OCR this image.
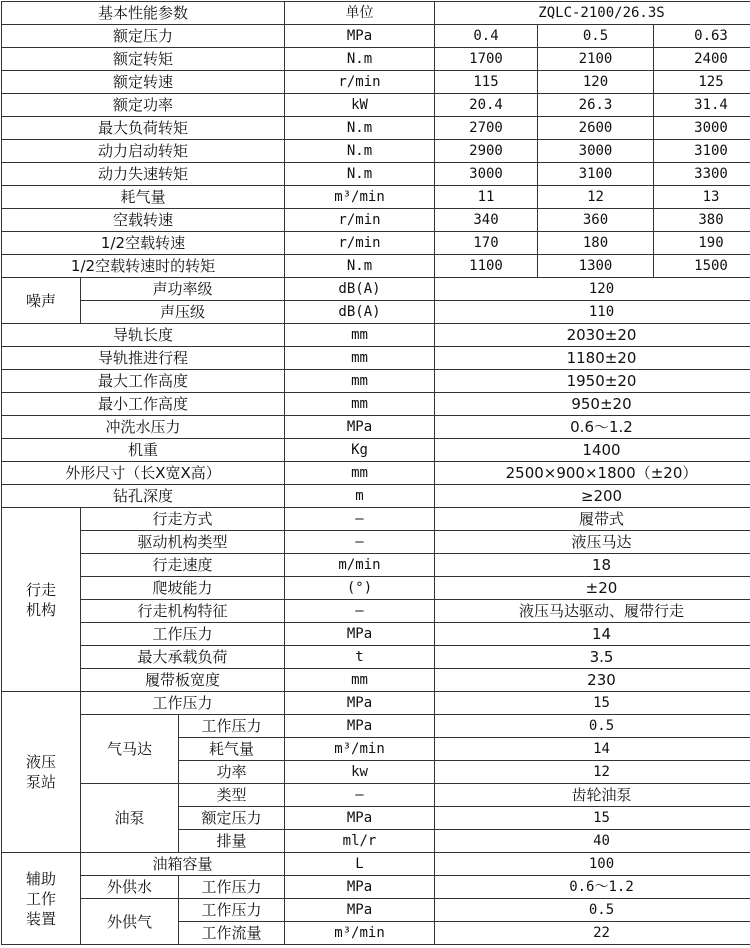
基本性能参数			单位	ZQLC-2100/26.3S		
额定压力			MPa	0.4	0.5	0.63
额定转矩			N.m	1700	2100	2400
额定转速			r/min	115	120	125
额定功率			kW	20.4	26.3	31.4
最大负荷转矩			N.m	2700	2600	3000
动力启动转矩			N.m	2900	3000	3100
动力失速转矩			N.m	3000	3100	3300
耗气量			m³/min	11	12	13
空载转速			r/min	340	360	380
1/2空载转速			r/min	170	180	190
1/2空载转速时的转矩			N.m	1100	1300	1500
噪声	声功率级		dB(A)	120		
	声压级		dB(A)	110		
导轨长度			mm	2030±20		
导轨推进行程			mm	1180±20		
最大工作高度			mm	1950±20		
最小工作高度			mm	950±20		
冲洗水压力			MPa	0.6～1.2		
机重			Kg	1400		
外形尺寸（长X宽X高）			mm	2500×900×1800（±20）		
钻孔深度			m	≥200		

行走
机构	行走方式		—	履带式		
	驱动机构类型		—	液压马达		
	行走速度		m/min	18		
	爬坡能力		(°)	±20		
	行走机构特征		—	液压马达驱动、履带行走		
	工作压力		MPa	14		
	最大承载负荷		t	3.5		
	履带板宽度		mm	230		

液压
泵站	工作压力		MPa	15		
	气马达	工作压力	MPa	0.5		
		耗气量	m³/min	14		
		功率	kw	12		
	油泵	类型	—	齿轮油泵		
		额定压力	MPa	15		
		排量	ml/r	40		

辅助
工作
装置	油箱容量		L	100		
	外供水	工作压力	MPa	0.6～1.2		
	外供气	工作压力	MPa	0.5		
		工作流量	m³/min	22		
